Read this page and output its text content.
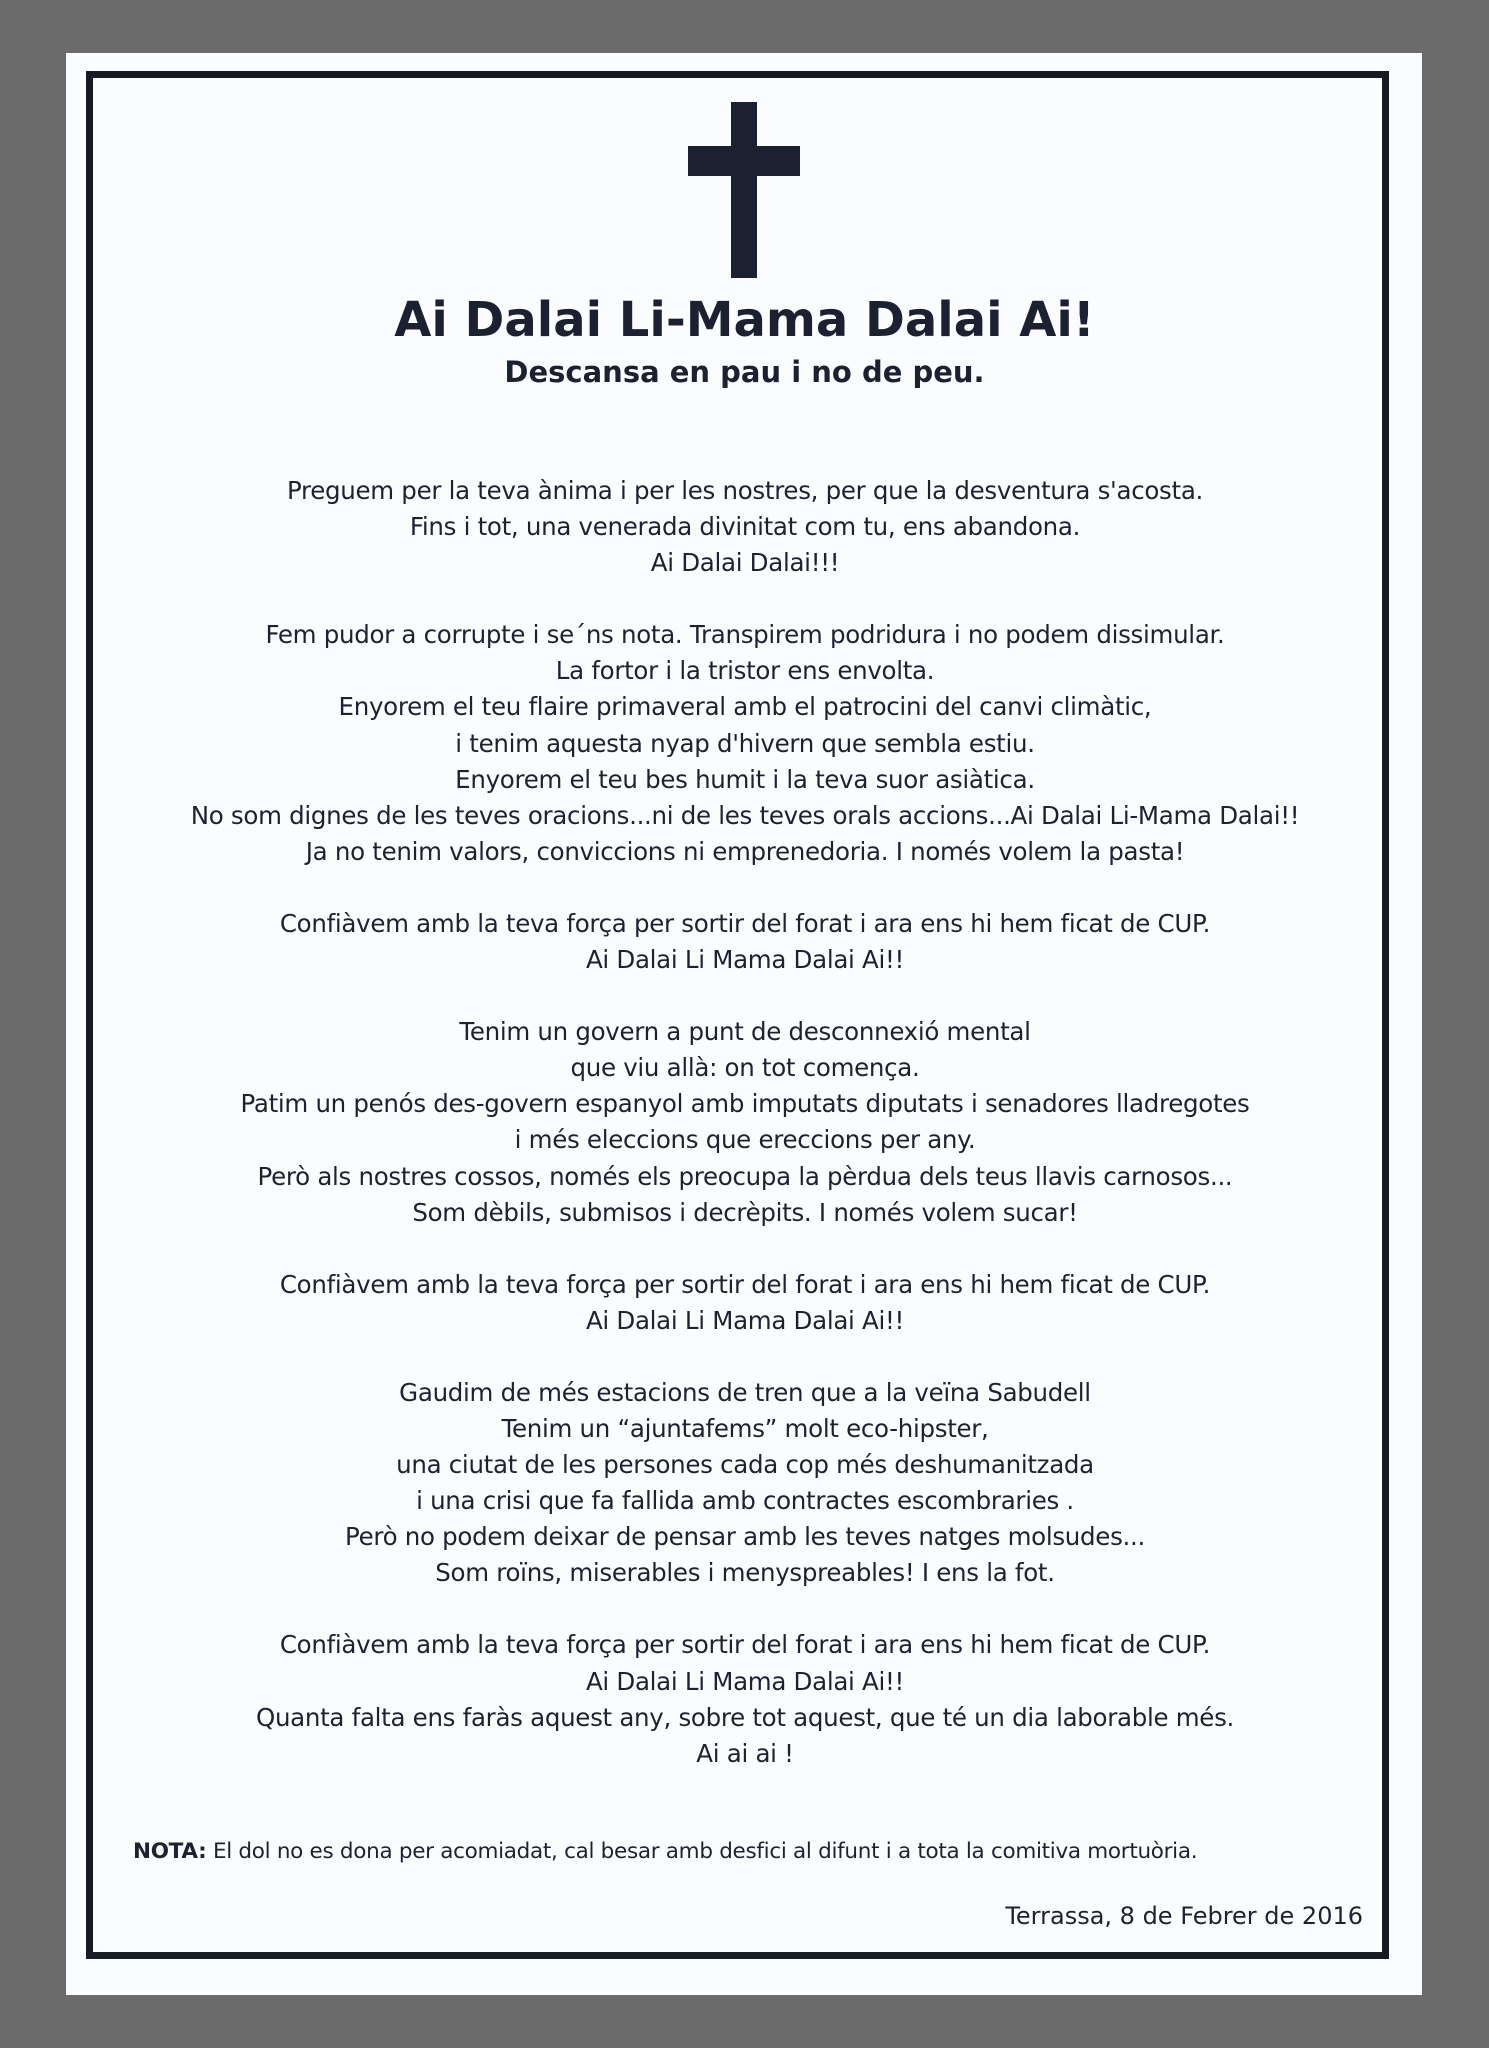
Ai Dalai Li-Mama Dalai Ai!
Descansa en pau i no de peu.
Preguem per la teva ànima i per les nostres, per que la desventura s'acosta.
Fins i tot, una venerada divinitat com tu, ens abandona.
Ai Dalai Dalai!!!
Fem pudor a corrupte i se´ns nota. Transpirem podridura i no podem dissimular.
La fortor i la tristor ens envolta.
Enyorem el teu flaire primaveral amb el patrocini del canvi climàtic,
i tenim aquesta nyap d'hivern que sembla estiu.
Enyorem el teu bes humit i la teva suor asiàtica.
No som dignes de les teves oracions...ni de les teves orals accions...Ai Dalai Li-Mama Dalai!!
Ja no tenim valors, conviccions ni emprenedoria. I només volem la pasta!
Confiàvem amb la teva força per sortir del forat i ara ens hi hem ficat de CUP.
Ai Dalai Li Mama Dalai Ai!!
Tenim un govern a punt de desconnexió mental
que viu allà: on tot comença.
Patim un penós des-govern espanyol amb imputats diputats i senadores lladregotes
i més eleccions que ereccions per any.
Però als nostres cossos, només els preocupa la pèrdua dels teus llavis carnosos...
Som dèbils, submisos i decrèpits. I només volem sucar!
Confiàvem amb la teva força per sortir del forat i ara ens hi hem ficat de CUP.
Ai Dalai Li Mama Dalai Ai!!
Gaudim de més estacions de tren que a la veïna Sabudell
Tenim un “ajuntafems” molt eco-hipster,
una ciutat de les persones cada cop més deshumanitzada
i una crisi que fa fallida amb contractes escombraries .
Però no podem deixar de pensar amb les teves natges molsudes...
Som roïns, miserables i menyspreables! I ens la fot.
Confiàvem amb la teva força per sortir del forat i ara ens hi hem ficat de CUP.
Ai Dalai Li Mama Dalai Ai!!
Quanta falta ens faràs aquest any, sobre tot aquest, que té un dia laborable més.
Ai ai ai !
NOTA: El dol no es dona per acomiadat, cal besar amb desfici al difunt i a tota la comitiva mortuòria.
Terrassa, 8 de Febrer de 2016
